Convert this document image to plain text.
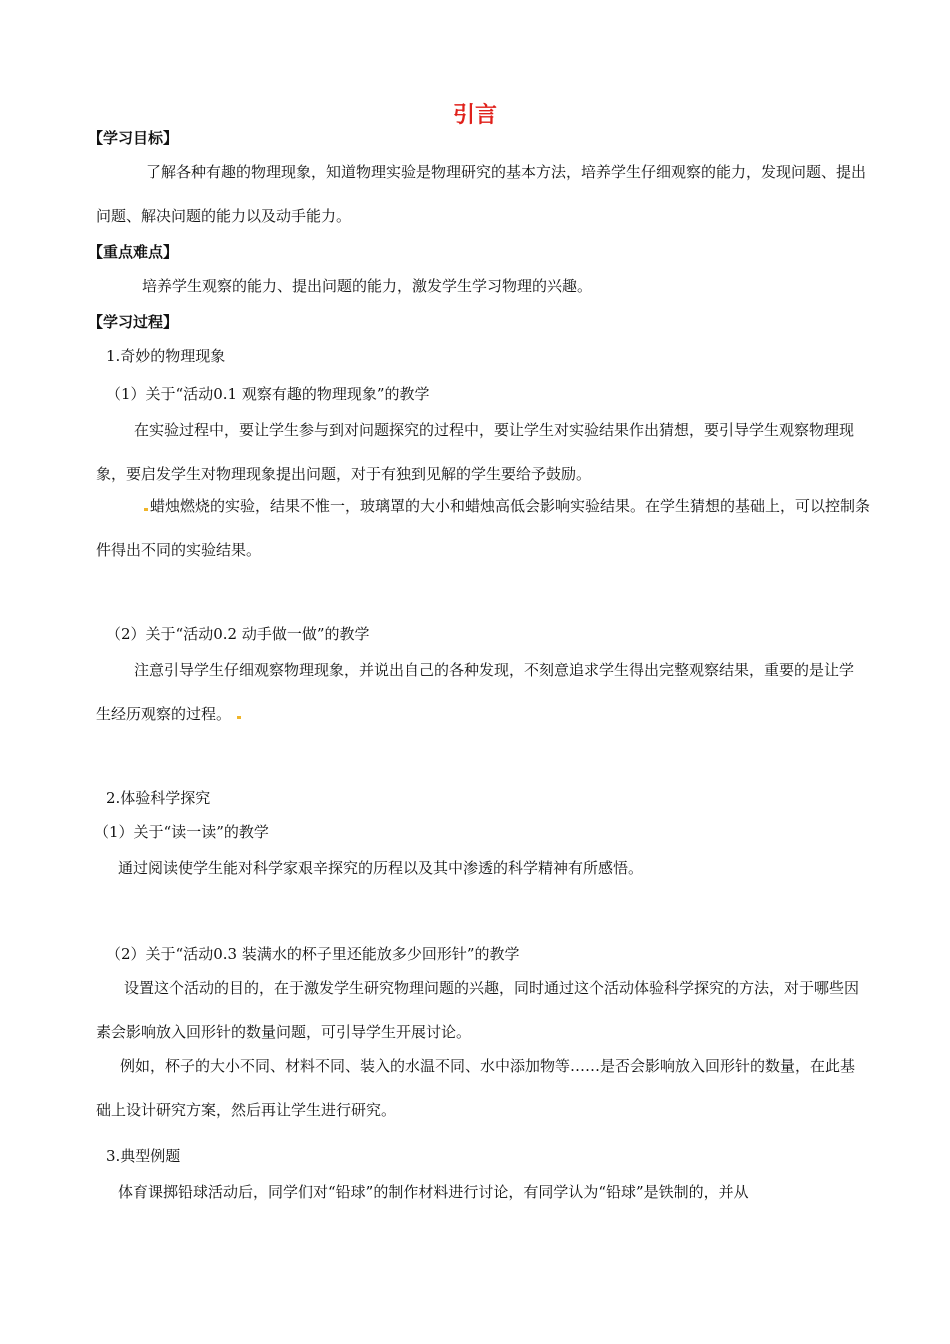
引言
【学习目标】
了解各种有趣的物理现象，知道物理实验是物理研究的基本方法，培养学生仔细观察的能力，发现问题、提出问题、解决问题的能力以及动手能力。
【重点难点】
培养学生观察的能力、提出问题的能力，激发学生学习物理的兴趣。
【学习过程】
1.奇妙的物理现象
（1）关于“活动0.1 观察有趣的物理现象”的教学
在实验过程中，要让学生参与到对问题探究的过程中，要让学生对实验结果作出猜想，要引导学生观察物理现象，要启发学生对物理现象提出问题，对于有独到见解的学生要给予鼓励。
蜡烛燃烧的实验，结果不惟一，玻璃罩的大小和蜡烛高低会影响实验结果。在学生猜想的基础上，可以控制条件得出不同的实验结果。
（2）关于“活动0.2 动手做一做”的教学
注意引导学生仔细观察物理现象，并说出自己的各种发现，不刻意追求学生得出完整观察结果，重要的是让学生经历观察的过程。
2.体验科学探究
（1）关于“读一读”的教学
通过阅读使学生能对科学家艰辛探究的历程以及其中渗透的科学精神有所感悟。
（2）关于“活动0.3 装满水的杯子里还能放多少回形针”的教学
设置这个活动的目的，在于激发学生研究物理问题的兴趣，同时通过这个活动体验科学探究的方法，对于哪些因素会影响放入回形针的数量问题，可引导学生开展讨论。
例如，杯子的大小不同、材料不同、装入的水温不同、水中添加物等……是否会影响放入回形针的数量，在此基础上设计研究方案，然后再让学生进行研究。
3.典型例题
体育课掷铅球活动后，同学们对“铅球”的制作材料进行讨论，有同学认为“铅球”是铁制的，并从
